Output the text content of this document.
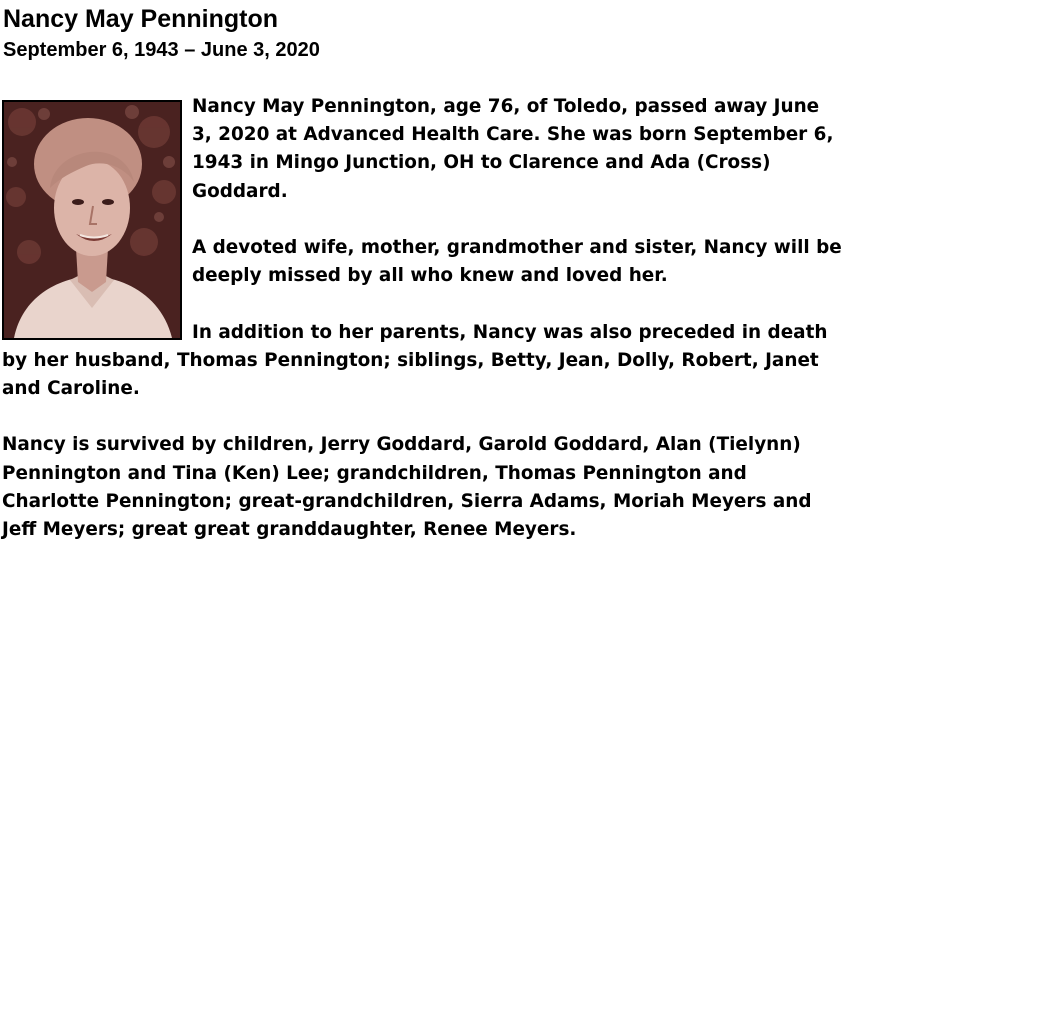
Nancy May Pennington
September 6, 1943 – June 3, 2020

Nancy May Pennington, age 76, of Toledo, passed away June 3, 2020 at Advanced Health Care. She was born September 6, 1943 in Mingo Junction, OH to Clarence and Ada (Cross) Goddard.

A devoted wife, mother, grandmother and sister, Nancy will be deeply missed by all who knew and loved her.

In addition to her parents, Nancy was also preceded in death by her husband, Thomas Pennington; siblings, Betty, Jean, Dolly, Robert, Janet and Caroline.

Nancy is survived by children, Jerry Goddard, Garold Goddard, Alan (Tielynn) Pennington and Tina (Ken) Lee; grandchildren, Thomas Pennington and Charlotte Pennington; great-grandchildren, Sierra Adams, Moriah Meyers and Jeff Meyers; great great granddaughter, Renee Meyers.
